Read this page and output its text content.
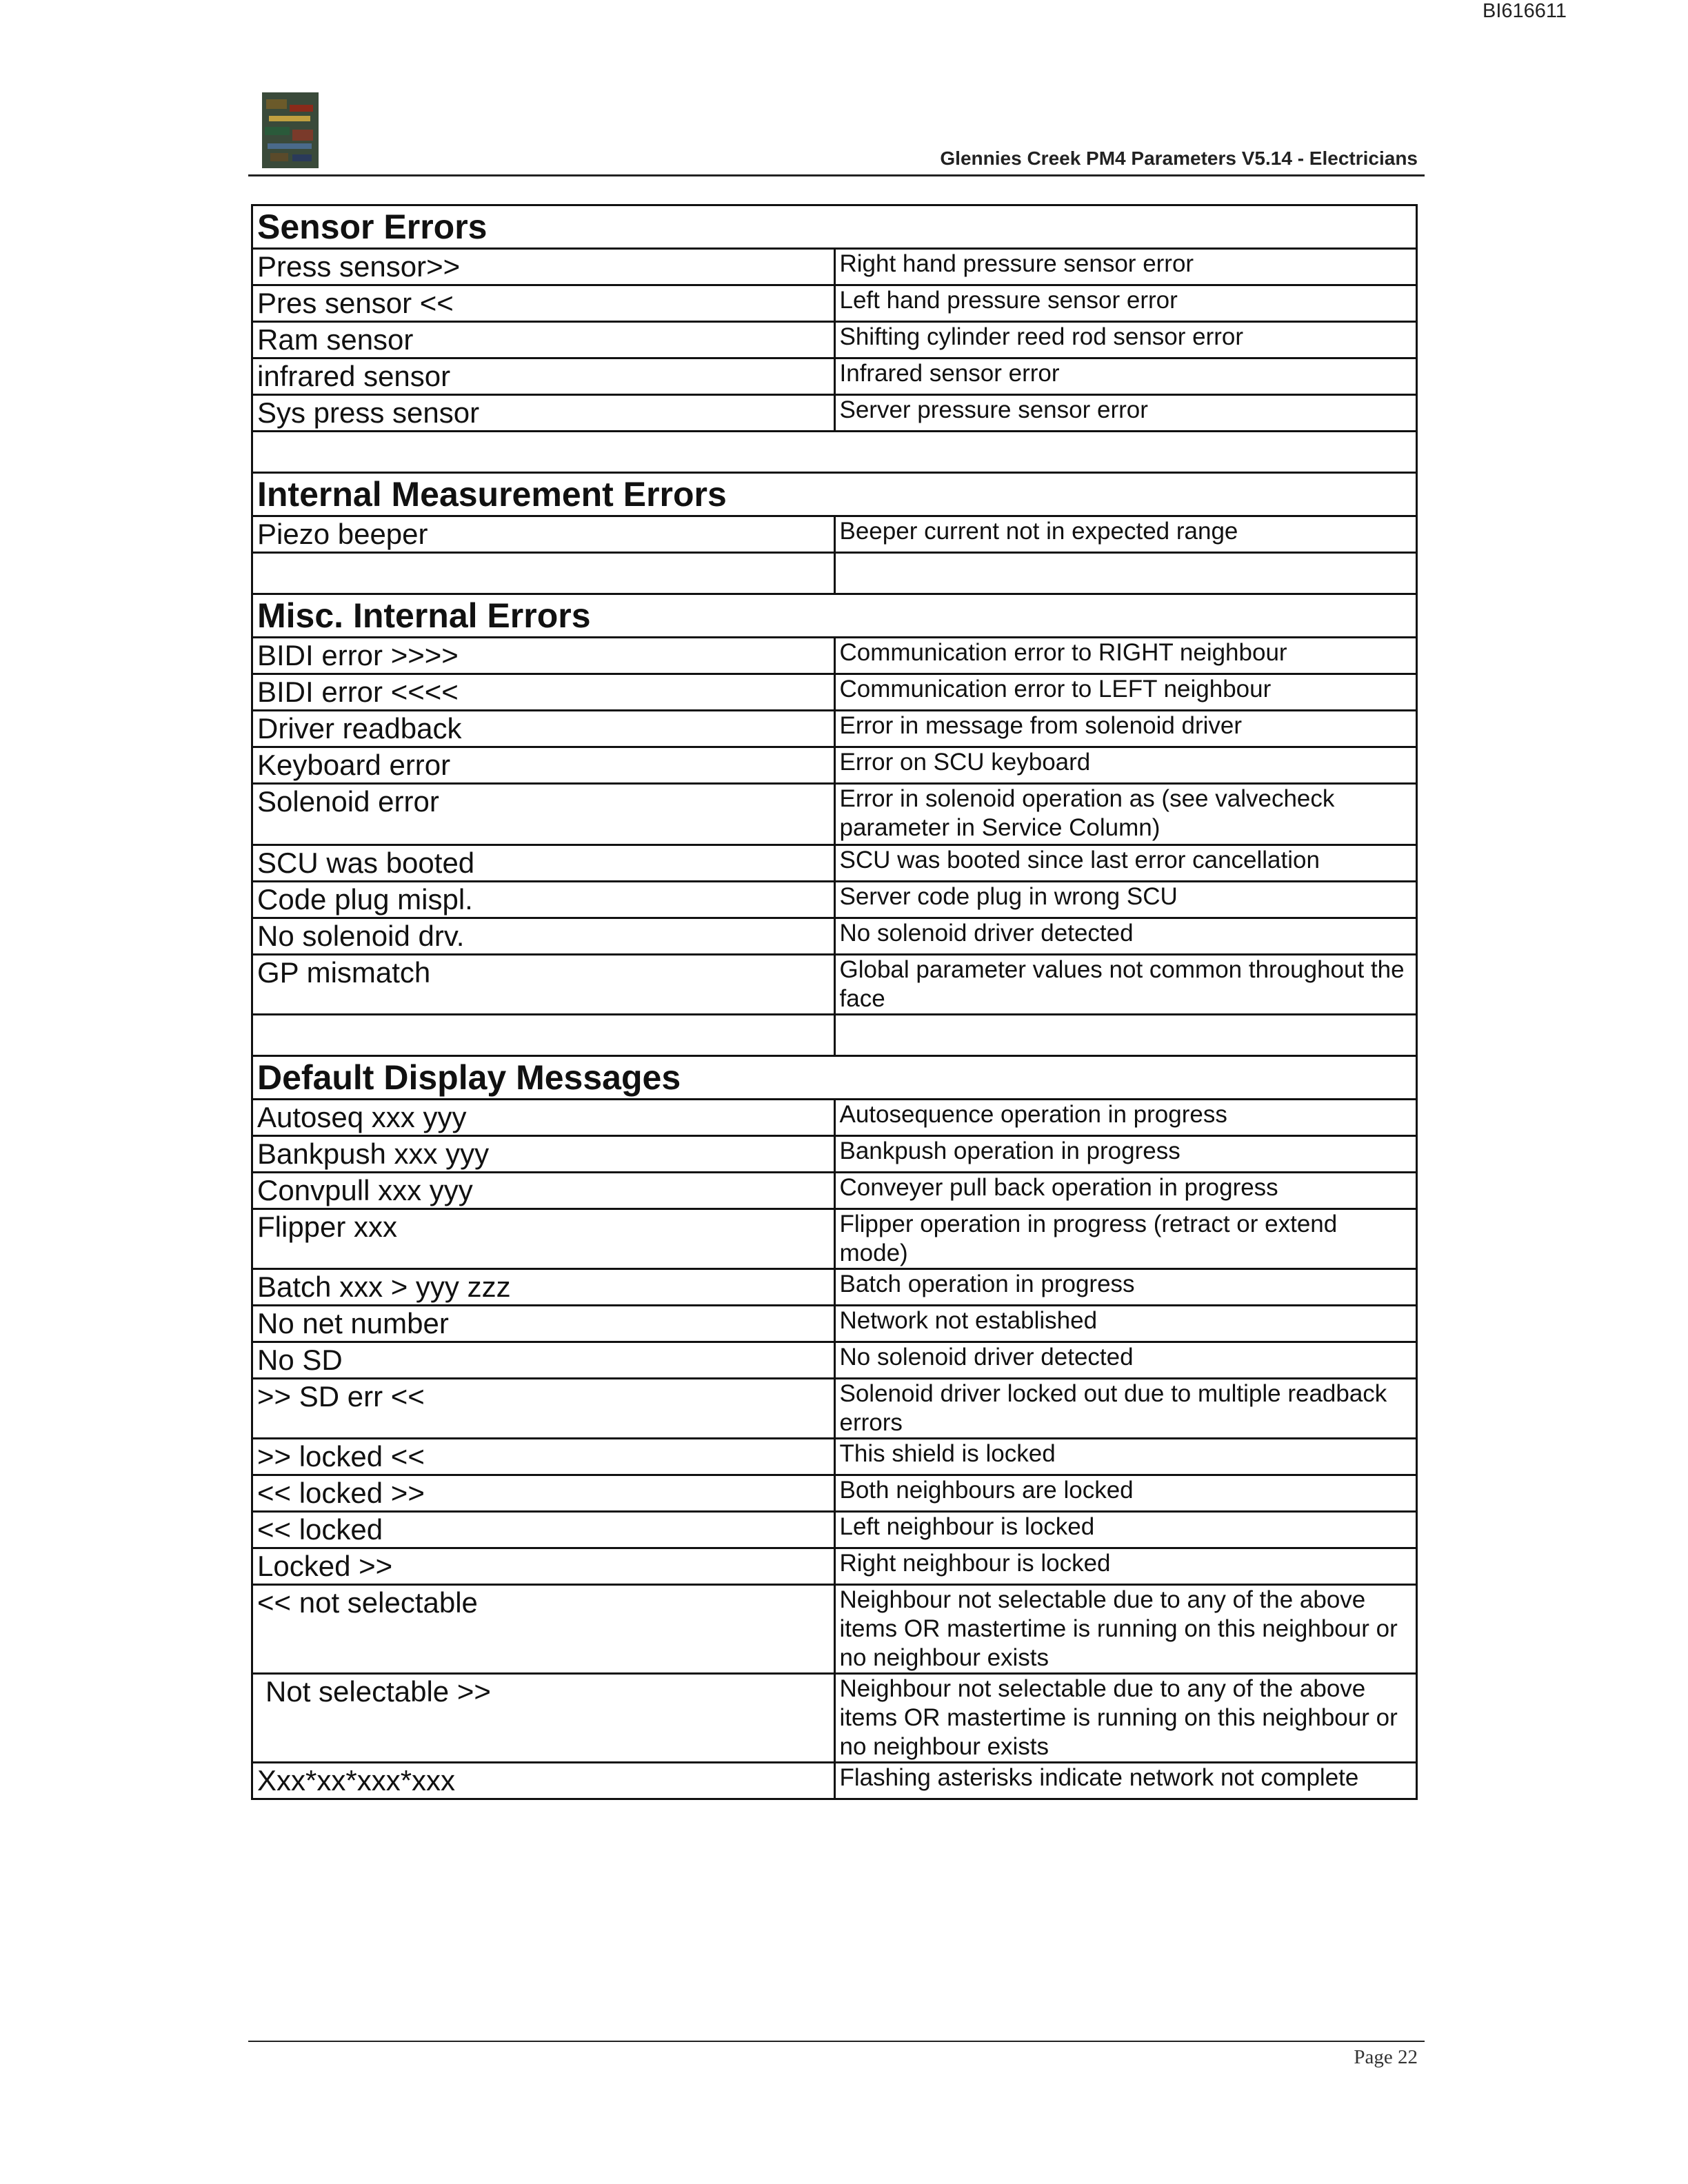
BI616611
Glennies Creek PM4 Parameters V5.14 - Electricians
Sensor Errors	
Press sensor>>	Right hand pressure sensor error
Pres sensor <<	Left hand pressure sensor error
Ram sensor	Shifting cylinder reed rod sensor error
infrared sensor	Infrared sensor error
Sys press sensor	Server pressure sensor error

Internal Measurement Errors	
Piezo beeper	Beeper current not in expected range

Misc. Internal Errors	
BIDI error >>>>	Communication error to RIGHT neighbour
BIDI error <<<<	Communication error to LEFT neighbour
Driver readback	Error in message from solenoid driver
Keyboard error	Error on SCU keyboard
Solenoid error	Error in solenoid operation as (see valvecheck parameter in Service Column)
SCU was booted	SCU was booted since last error cancellation
Code plug mispl.	Server code plug in wrong SCU
No solenoid drv.	No solenoid driver detected
GP mismatch	Global parameter values not common throughout the face

Default Display Messages	
Autoseq xxx yyy	Autosequence operation in progress
Bankpush xxx yyy	Bankpush operation in progress
Convpull xxx yyy	Conveyer pull back operation in progress
Flipper xxx	Flipper operation in progress (retract or extend mode)
Batch xxx > yyy zzz	Batch operation in progress
No net number	Network not established
No SD	No solenoid driver detected
>> SD err <<	Solenoid driver locked out due to multiple readback errors
>> locked <<	This shield is locked
<< locked >>	Both neighbours are locked
<< locked	Left neighbour is locked
Locked >>	Right neighbour is locked
<< not selectable	Neighbour not selectable due to any of the above items OR mastertime is running on this neighbour or no neighbour exists
Not selectable >>	Neighbour not selectable due to any of the above items OR mastertime is running on this neighbour or no neighbour exists
Xxx*xx*xxx*xxx	Flashing asterisks indicate network not complete
Page 22
